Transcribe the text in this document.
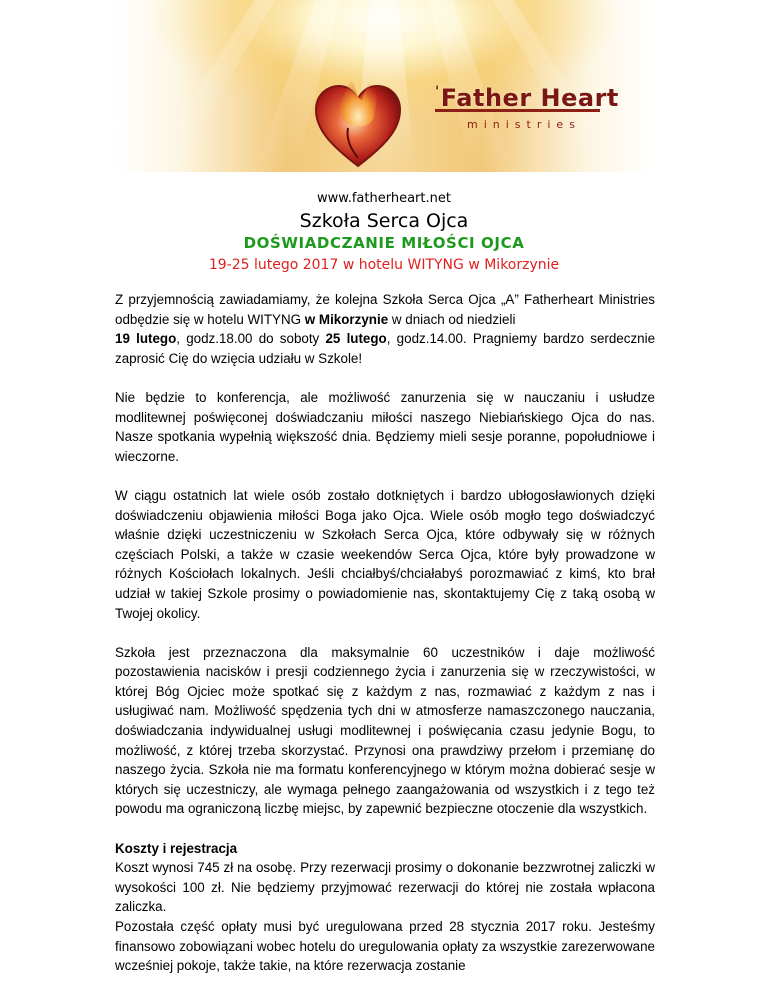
'Father Heart
ministries
www.fatherheart.net
Szkoła Serca Ojca
DOŚWIADCZANIE MIŁOŚCI OJCA
19-25 lutego 2017 w hotelu WITYNG w Mikorzynie

Z przyjemnością zawiadamiamy, że kolejna Szkoła Serca Ojca „A” Fatherheart Ministries odbędzie się w hotelu WITYNG w Mikorzynie w dniach od niedzieli
19 lutego, godz.18.00 do soboty 25 lutego, godz.14.00. Pragniemy bardzo serdecznie zaprosić Cię do wzięcia udziału w Szkole!

Nie będzie to konferencja, ale możliwość zanurzenia się w nauczaniu i usłudze modlitewnej poświęconej doświadczaniu miłości naszego Niebiańskiego Ojca do nas. Nasze spotkania wypełnią większość dnia. Będziemy mieli sesje poranne, popołudniowe i wieczorne.

W ciągu ostatnich lat wiele osób zostało dotkniętych i bardzo ubłogosławionych dzięki doświadczeniu objawienia miłości Boga jako Ojca. Wiele osób mogło tego doświadczyć właśnie dzięki uczestniczeniu w Szkołach Serca Ojca, które odbywały się w różnych częściach Polski, a także w czasie weekendów Serca Ojca, które były prowadzone w różnych Kościołach lokalnych. Jeśli chciałbyś/chciałabyś porozmawiać z kimś, kto brał udział w takiej Szkole prosimy o powiadomienie nas, skontaktujemy Cię z taką osobą w Twojej okolicy.

Szkoła jest przeznaczona dla maksymalnie 60 uczestników i daje możliwość pozostawienia nacisków i presji codziennego życia i zanurzenia się w rzeczywistości, w której Bóg Ojciec może spotkać się z każdym z nas, rozmawiać z każdym z nas i usługiwać nam. Możliwość spędzenia tych dni w atmosferze namaszczonego nauczania, doświadczania indywidualnej usługi modlitewnej i poświęcania czasu jedynie Bogu, to możliwość, z której trzeba skorzystać. Przynosi ona prawdziwy przełom i przemianę do naszego życia. Szkoła nie ma formatu konferencyjnego w którym można dobierać sesje w których się uczestniczy, ale wymaga pełnego zaangażowania od wszystkich i z tego też powodu ma ograniczoną liczbę miejsc, by zapewnić bezpieczne otoczenie dla wszystkich.

Koszty i rejestracja

Koszt wynosi 745 zł na osobę. Przy rezerwacji prosimy o dokonanie bezzwrotnej zaliczki w wysokości 100 zł. Nie będziemy przyjmować rezerwacji do której nie została wpłacona zaliczka.

Pozostała część opłaty musi być uregulowana przed 28 stycznia 2017 roku. Jesteśmy finansowo zobowiązani wobec hotelu do uregulowania opłaty za wszystkie zarezerwowane wcześniej pokoje, także takie, na które rezerwacja zostanie
